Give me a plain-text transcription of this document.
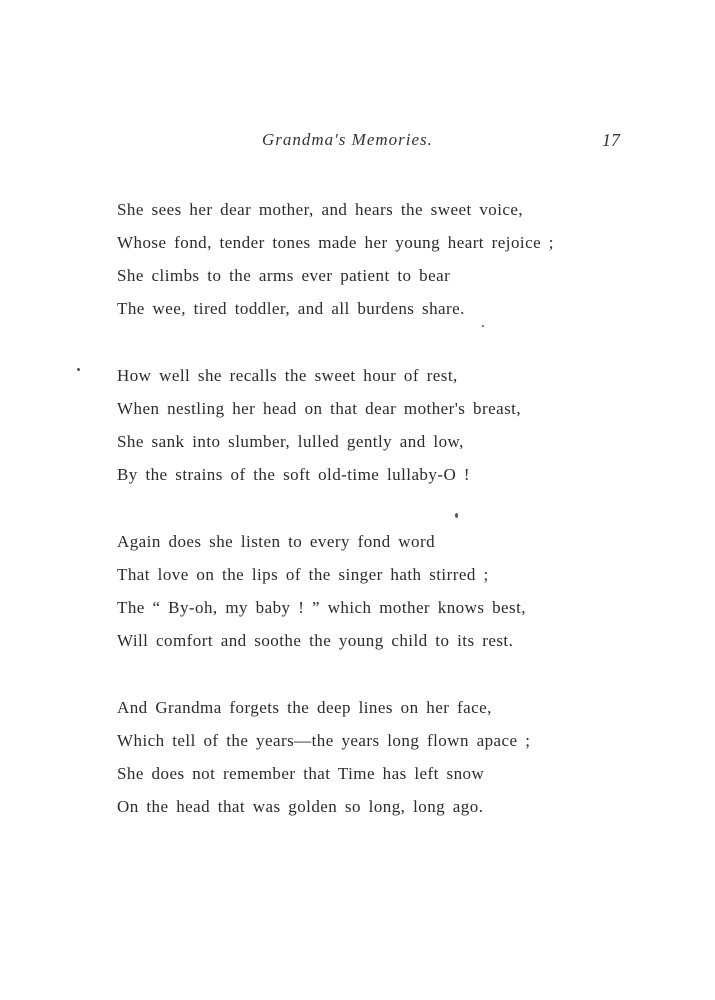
Grandma's Memories.	17
She sees her dear mother, and hears the sweet voice,
Whose fond, tender tones made her young heart rejoice ;
She climbs to the arms ever patient to bear
The wee, tired toddler, and all burdens share.
How well she recalls the sweet hour of rest,
When nestling her head on that dear mother's breast,
She sank into slumber, lulled gently and low,
By the strains of the soft old-time lullaby-O !
Again does she listen to every fond word
That love on the lips of the singer hath stirred ;
The “ By-oh, my baby ! ” which mother knows best,
Will comfort and soothe the young child to its rest.
And Grandma forgets the deep lines on her face,
Which tell of the years—the years long flown apace ;
She does not remember that Time has left snow
On the head that was golden so long, long ago.
